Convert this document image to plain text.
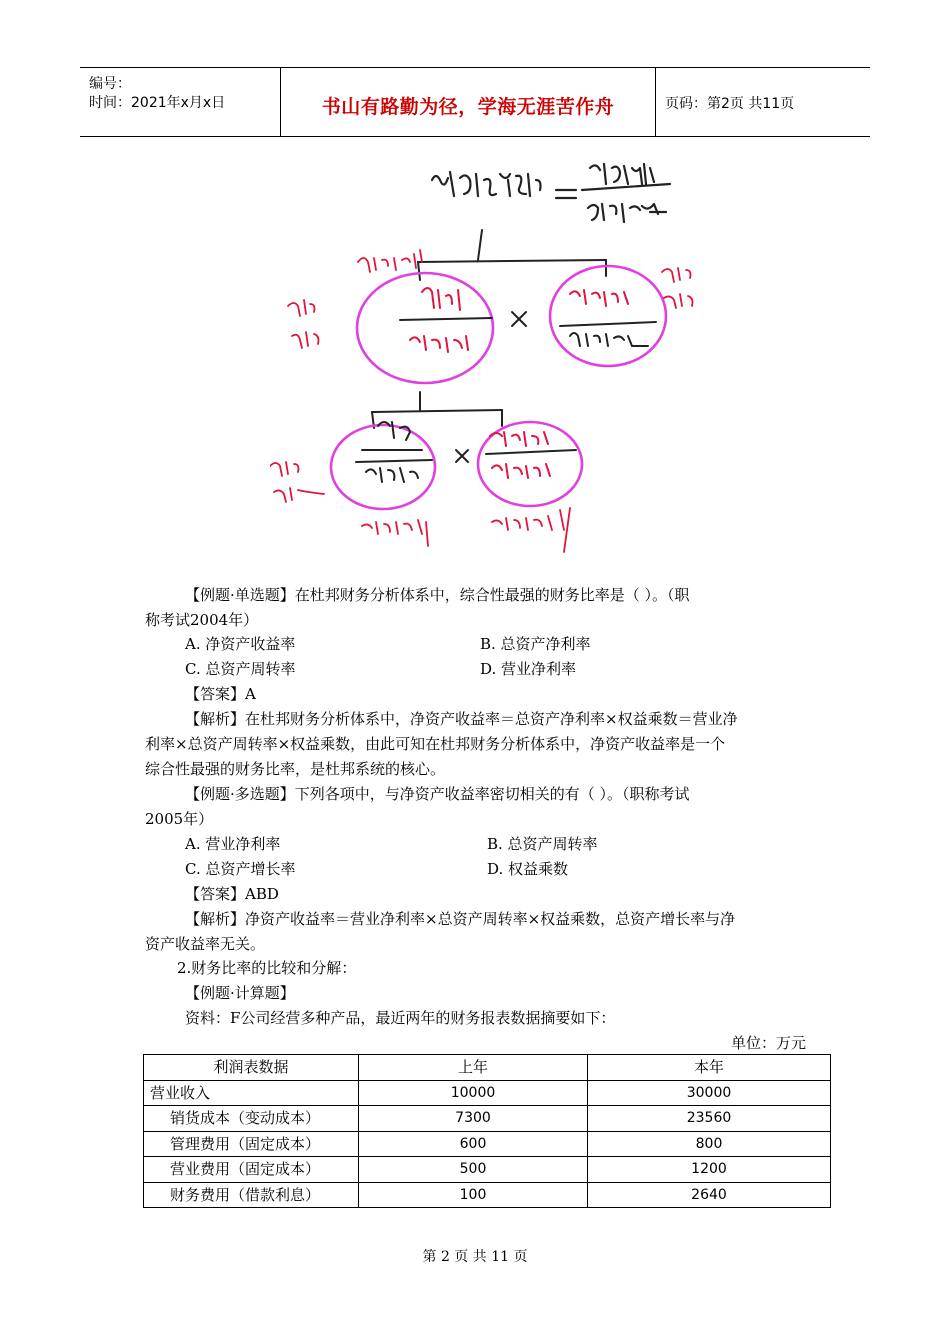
编号：
时间：2021年x月x日	书山有路勤为径，学海无涯苦作舟	页码：第2页 共11页
【例题·单选题】在杜邦财务分析体系中，综合性最强的财务比率是（ ）。（职
称考试2004年）
A. 净资产收益率	B. 总资产净利率
C. 总资产周转率	D. 营业净利率
【答案】A
【解析】在杜邦财务分析体系中，净资产收益率＝总资产净利率×权益乘数＝营业净
利率×总资产周转率×权益乘数，由此可知在杜邦财务分析体系中，净资产收益率是一个
综合性最强的财务比率，是杜邦系统的核心。
【例题·多选题】下列各项中，与净资产收益率密切相关的有（ ）。（职称考试
2005年）
A. 营业净利率	B. 总资产周转率
C. 总资产增长率	D. 权益乘数
【答案】ABD
【解析】净资产收益率＝营业净利率×总资产周转率×权益乘数，总资产增长率与净
资产收益率无关。
2.财务比率的比较和分解：
【例题·计算题】
资料：F公司经营多种产品，最近两年的财务报表数据摘要如下：
单位：万元
利润表数据	上年	本年
营业收入	10000	30000
销货成本（变动成本）	7300	23560
管理费用（固定成本）	600	800
营业费用（固定成本）	500	1200
财务费用（借款利息）	100	2640
第 2 页 共 11 页
